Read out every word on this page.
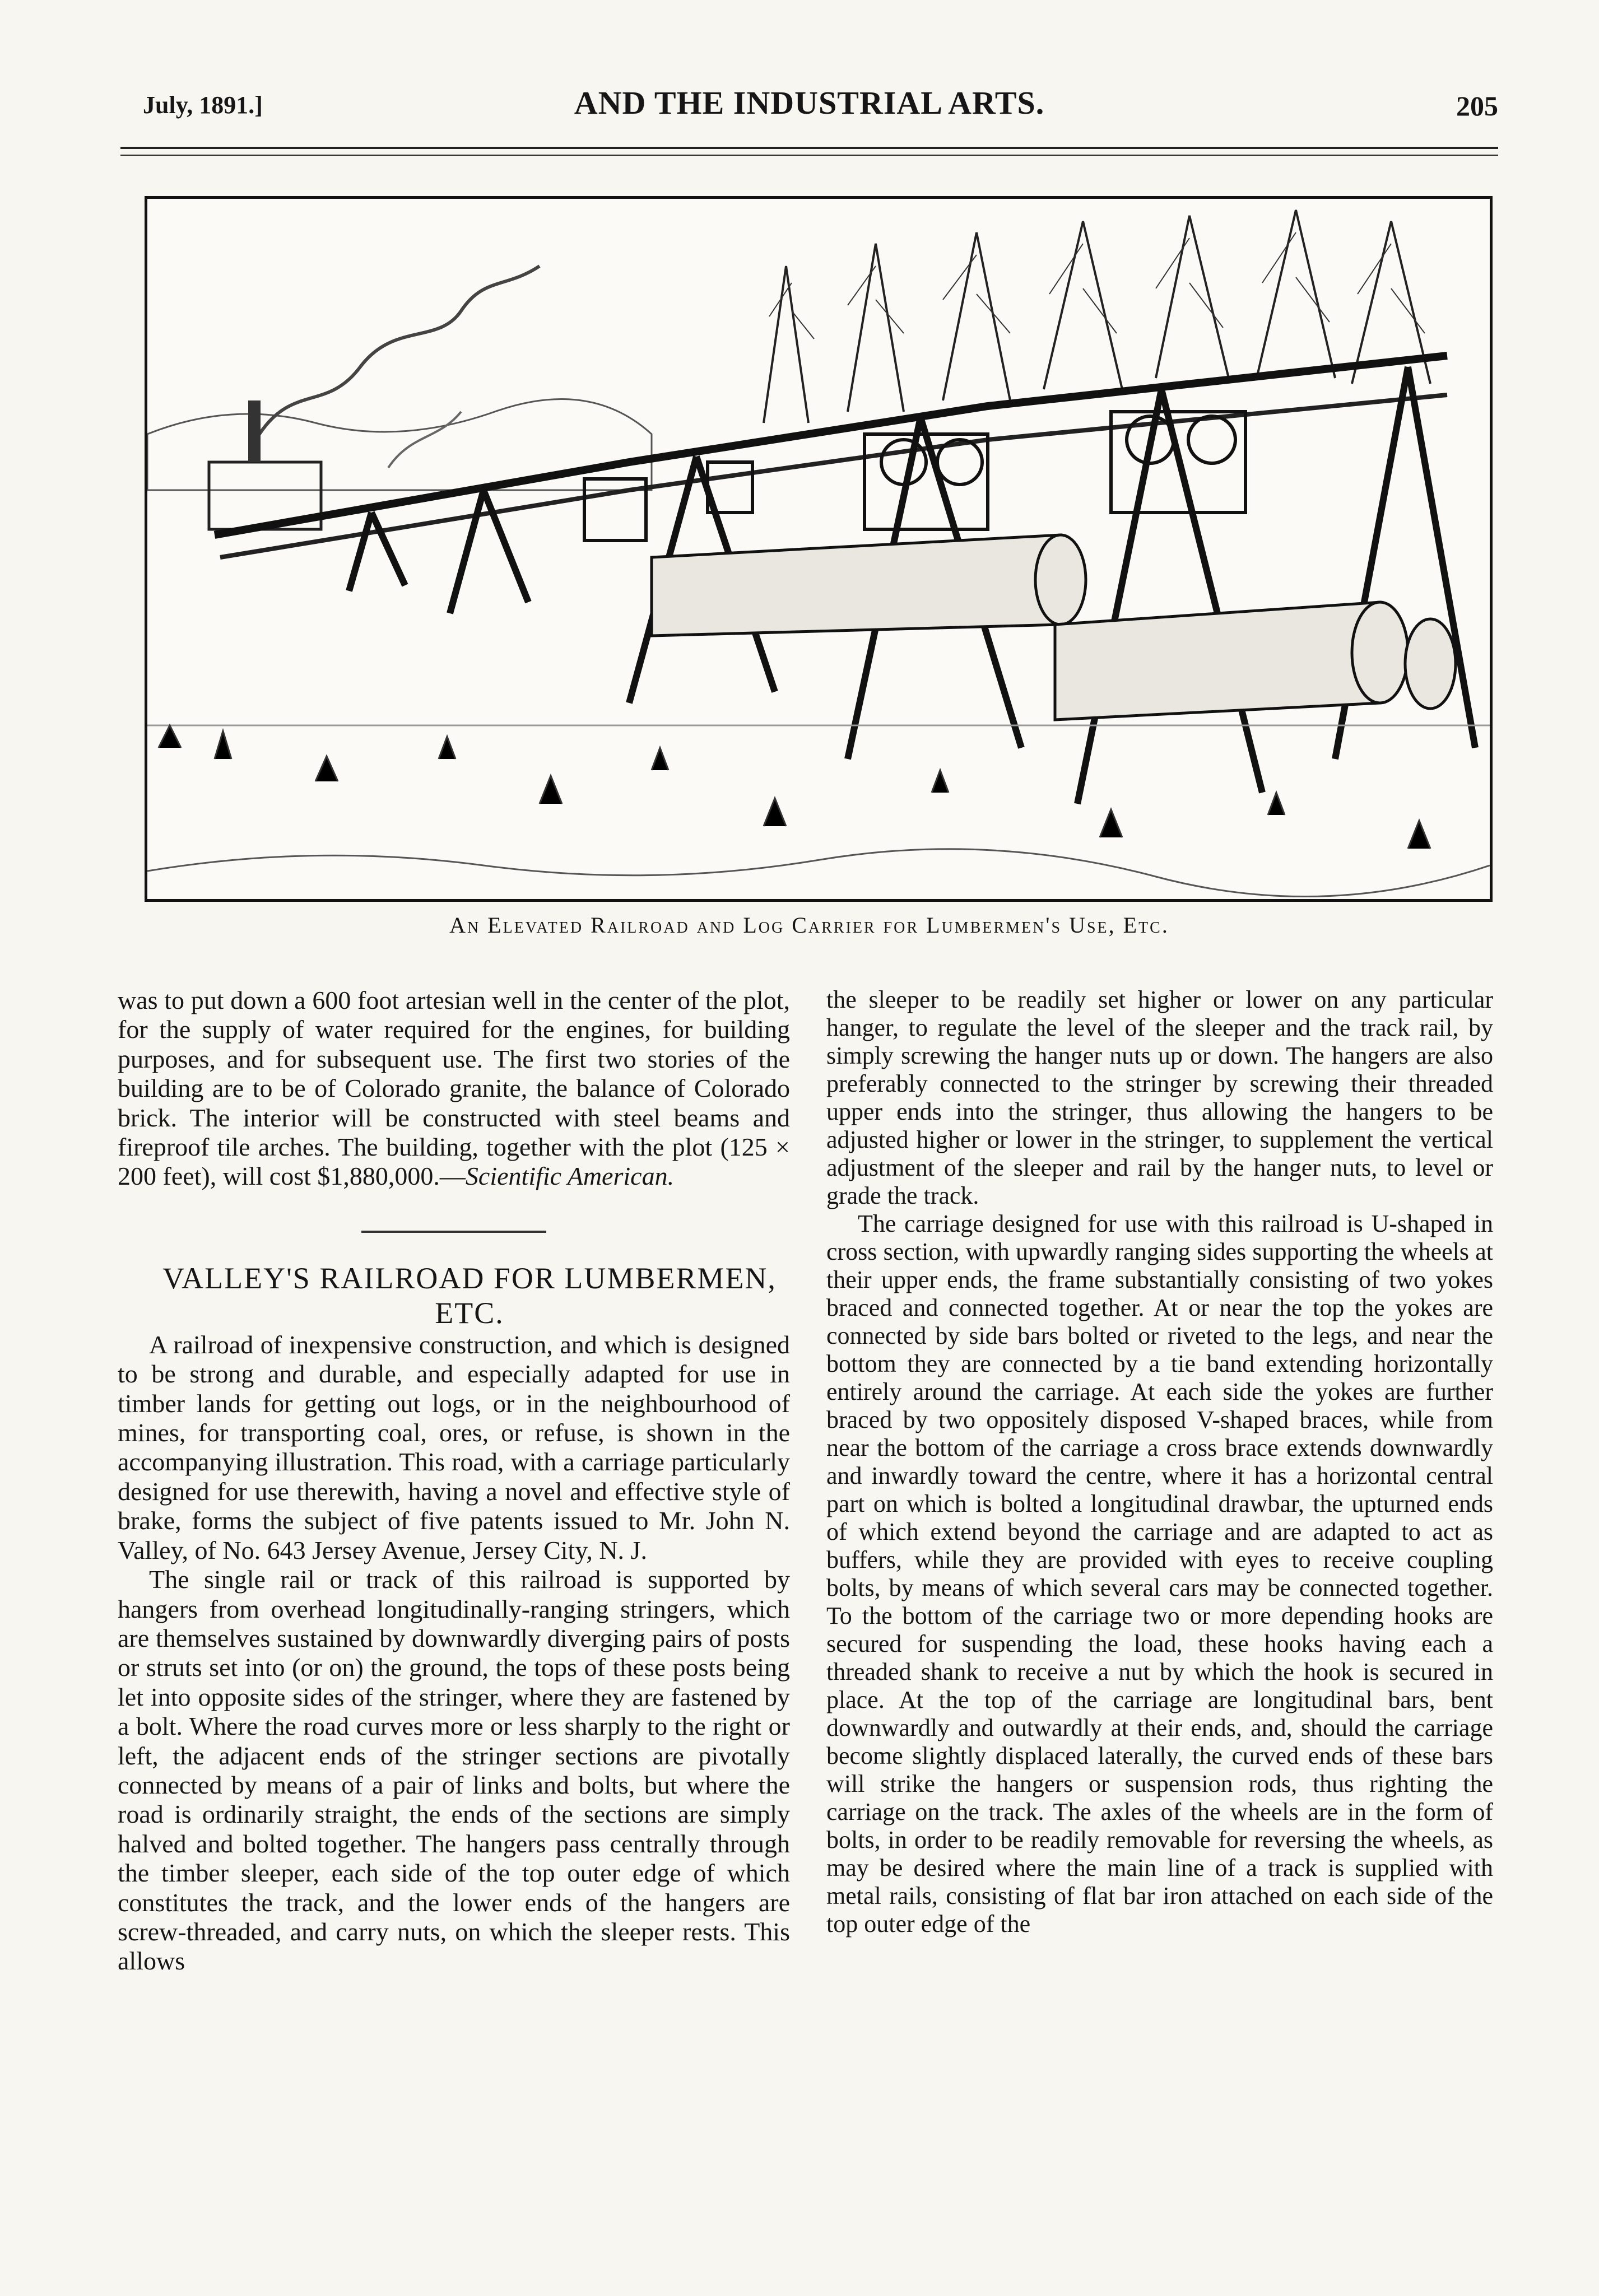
July, 1891.]	AND THE INDUSTRIAL ARTS.	205
An Elevated Railroad and Log Carrier for Lumbermen's Use, Etc.

was to put down a 600 foot artesian well in the center of the plot, for the supply of water required for the engines, for building purposes, and for subsequent use. The first two stories of the building are to be of Colorado granite, the balance of Colorado brick. The interior will be constructed with steel beams and fireproof tile arches. The building, together with the plot (125 × 200 feet), will cost $1,880,000.—Scientific American.

VALLEY'S RAILROAD FOR LUMBERMEN,
ETC.

A railroad of inexpensive construction, and which is designed to be strong and durable, and especially adapted for use in timber lands for getting out logs, or in the neighbourhood of mines, for transporting coal, ores, or refuse, is shown in the accompanying illustration. This road, with a carriage particularly designed for use therewith, having a novel and effective style of brake, forms the subject of five patents issued to Mr. John N. Valley, of No. 643 Jersey Avenue, Jersey City, N. J.

The single rail or track of this railroad is supported by hangers from overhead longitudinally-ranging stringers, which are themselves sustained by downwardly diverging pairs of posts or struts set into (or on) the ground, the tops of these posts being let into opposite sides of the stringer, where they are fastened by a bolt. Where the road curves more or less sharply to the right or left, the adjacent ends of the stringer sections are pivotally connected by means of a pair of links and bolts, but where the road is ordinarily straight, the ends of the sections are simply halved and bolted together. The hangers pass centrally through the timber sleeper, each side of the top outer edge of which constitutes the track, and the lower ends of the hangers are screw-threaded, and carry nuts, on which the sleeper rests. This allows

the sleeper to be readily set higher or lower on any particular hanger, to regulate the level of the sleeper and the track rail, by simply screwing the hanger nuts up or down. The hangers are also preferably connected to the stringer by screwing their threaded upper ends into the stringer, thus allowing the hangers to be adjusted higher or lower in the stringer, to supplement the vertical adjustment of the sleeper and rail by the hanger nuts, to level or grade the track.

The carriage designed for use with this railroad is U-shaped in cross section, with upwardly ranging sides supporting the wheels at their upper ends, the frame substantially consisting of two yokes braced and connected together. At or near the top the yokes are connected by side bars bolted or riveted to the legs, and near the bottom they are connected by a tie band extending horizontally entirely around the carriage. At each side the yokes are further braced by two oppositely disposed V-shaped braces, while from near the bottom of the carriage a cross brace extends downwardly and inwardly toward the centre, where it has a horizontal central part on which is bolted a longitudinal drawbar, the upturned ends of which extend beyond the carriage and are adapted to act as buffers, while they are provided with eyes to receive coupling bolts, by means of which several cars may be connected together. To the bottom of the carriage two or more depending hooks are secured for suspending the load, these hooks having each a threaded shank to receive a nut by which the hook is secured in place. At the top of the carriage are longitudinal bars, bent downwardly and outwardly at their ends, and, should the carriage become slightly displaced laterally, the curved ends of these bars will strike the hangers or suspension rods, thus righting the carriage on the track. The axles of the wheels are in the form of bolts, in order to be readily removable for reversing the wheels, as may be desired where the main line of a track is supplied with metal rails, consisting of flat bar iron attached on each side of the top outer edge of the
